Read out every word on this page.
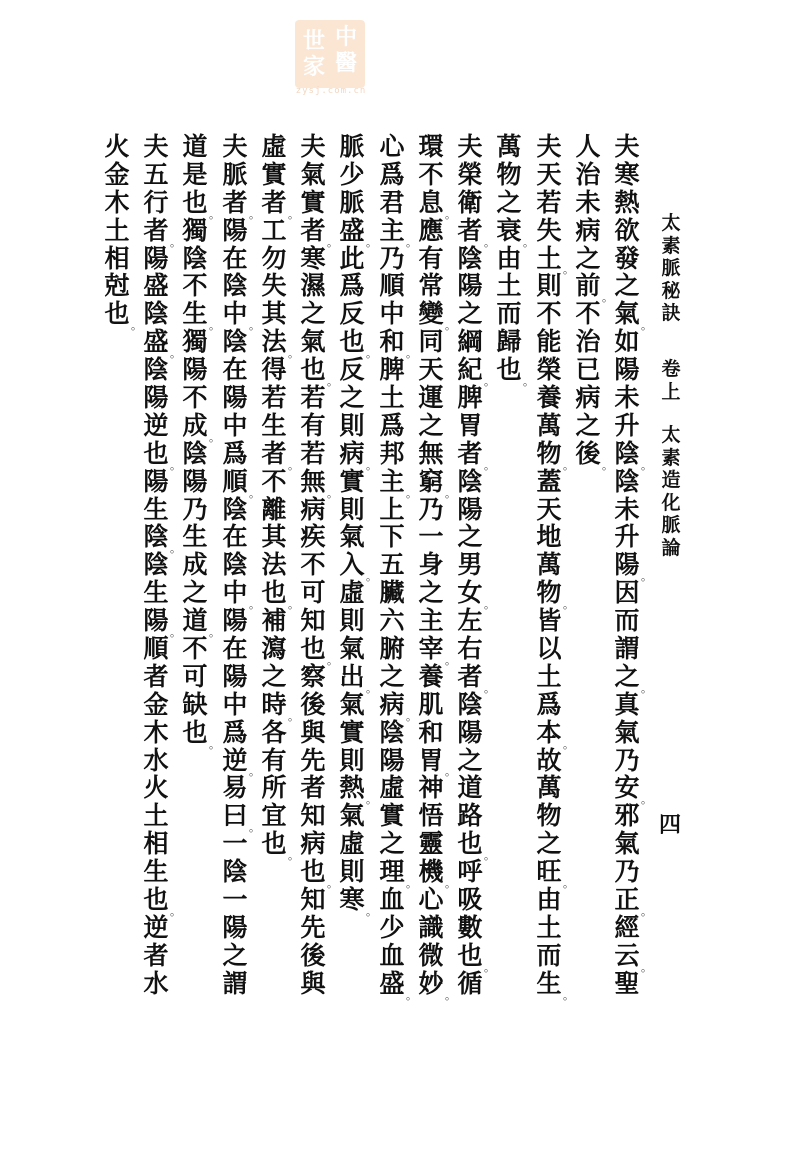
世
家
中
醫
zysj.com.cn
太
素
脈
秘
訣
卷
上
太
素
造
化
脈
論
四
夫
寒
熱
欲
發
之
氣 。
如
陽
未
升
陰 。
陰
未
升
陽 。
因
而
謂
之 。
真
氣
乃
安 。
邪
氣
乃
正 。
經
云 。
聖
人
治
未
病
之
前 。
不
治
已
病
之
後 。
夫
天
若
失
土 。
則
不
能
榮
養
萬
物 。
蓋
天
地
萬
物 。
皆
以
土
爲
本 。
故
萬
物
之
旺 。
由
土
而
生 。
萬
物
之
衰 。
由
土
而
歸
也 。
夫
榮
衛
者 。
陰
陽
之
綱
紀 。
脾
胃
者 。
陰
陽
之
男
女 。
左
右
者 。
陰
陽
之
道
路
也 。
呼
吸
數
也 。
循
環
不
息 。
應
有
常
變 。
同
天
運
之
無
窮 。
乃
一
身
之
主
宰 。
養
肌
和
胃 。
神
悟
靈
機 。
心
識
微
妙 。
心
爲
君
主 。
乃
順
中
和 。
脾
土
爲
邦
主 。
上
下
五
臟
六
腑
之
病 。
陰
陽
虛
實
之
理 。
血
少
血
盛 。
脈
少
脈
盛 。
此
爲
反
也 。
反
之
則
病 。
實
則
氣
入 。
虛
則
氣
出 。
氣
實
則
熱 。
氣
虛
則
寒 。
夫
氣
實
者 。
寒
濕
之
氣
也 。
若
有
若
無 。
病
疾
不
可
知
也 。
察
後
與
先
者
知
病
也 。
知
先
後
與
虛
實
者 。
工
勿
失
其
法 。
得
若
生
者 。
不
離
其
法
也 。
補
瀉
之
時 。
各
有
所
宜
也 。
夫
脈
者 。
陽
在
陰
中 。
陰
在
陽
中
爲
順 。
陰
在
陰
中 。
陽
在
陽
中
爲
逆 。
易
曰 。
一
陰
一
陽
之
謂
道
是
也 。
獨
陰
不
生 。
獨
陽
不
成 。
陰
陽
乃
生
成
之
道 。
不
可
缺
也 。
夫
五
行
者 。
陽
盛
陰
盛 。
陰
陽
逆
也 。
陽
生
陰 。
陰
生
陽 。
順
者
金
木
水
火
土
相
生
也 。
逆
者
水
火
金
木
土
相
尅
也 。
